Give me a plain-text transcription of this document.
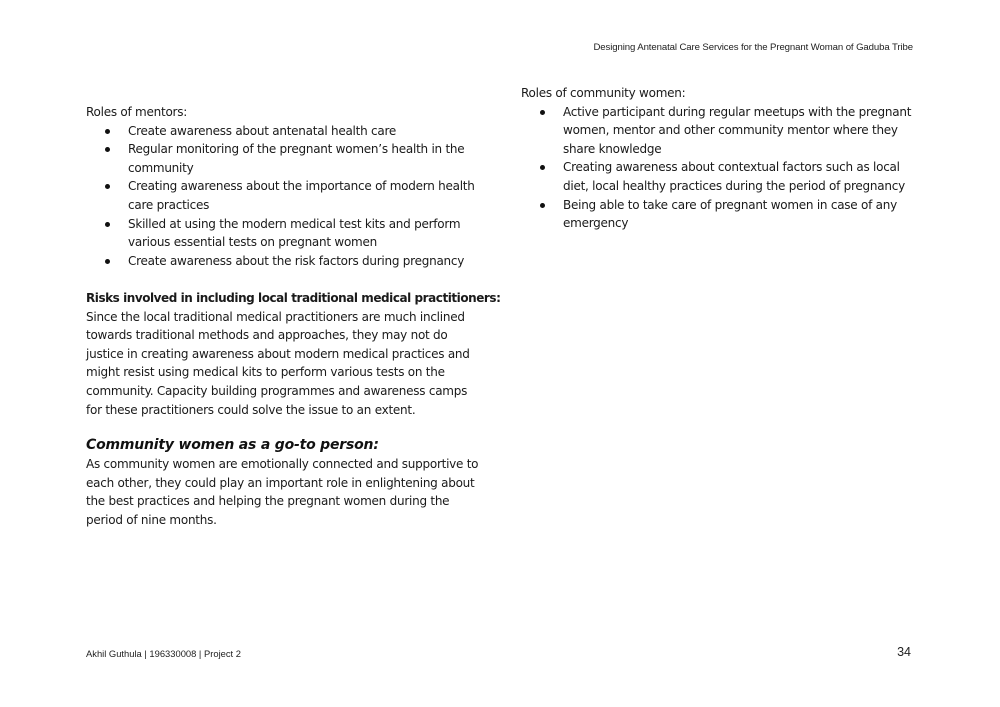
Designing Antenatal Care Services for the Pregnant Woman of Gaduba Tribe
Roles of mentors:
Create awareness about antenatal health care
Regular monitoring of the pregnant women’s health in the community
Creating awareness about the importance of modern health care practices
Skilled at using the modern medical test kits and perform various essential tests on pregnant women
Create awareness about the risk factors during pregnancy
Risks involved in including local traditional medical practitioners:
Since the local traditional medical practitioners are much inclined towards traditional methods and approaches, they may not do justice in creating awareness about modern medical practices and might resist using medical kits to perform various tests on the community. Capacity building programmes and awareness camps for these practitioners could solve the issue to an extent.
Community women as a go-to person:
As community women are emotionally connected and supportive to each other, they could play an important role in enlightening about the best practices and helping the pregnant women during the period of nine months.
Roles of community women:
Active participant during regular meetups with the pregnant women, mentor and other community mentor where they share knowledge
Creating awareness about contextual factors such as local diet, local healthy practices during the period of pregnancy
Being able to take care of pregnant women in case of any emergency
Akhil Guthula | 196330008 | Project 2	34
